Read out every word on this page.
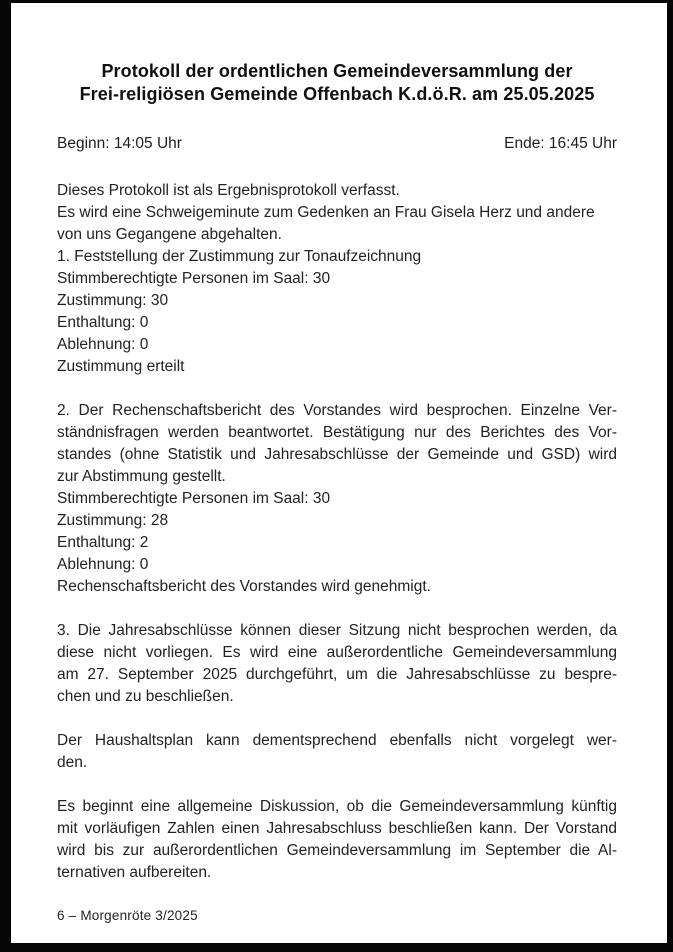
Protokoll der ordentlichen Gemeindeversammlung der
Frei-religiösen Gemeinde Offenbach K.d.ö.R. am 25.05.2025
Beginn: 14:05 Uhr	Ende: 16:45 Uhr
Dieses Protokoll ist als Ergebnisprotokoll verfasst.
Es wird eine Schweigeminute zum Gedenken an Frau Gisela Herz und andere
von uns Gegangene abgehalten.
1. Feststellung der Zustimmung zur Tonaufzeichnung
Stimmberechtigte Personen im Saal: 30
Zustimmung: 30
Enthaltung: 0
Ablehnung: 0
Zustimmung erteilt
2. Der Rechenschaftsbericht des Vorstandes wird besprochen. Einzelne Ver-
ständnisfragen werden beantwortet. Bestätigung nur des Berichtes des Vor-
standes (ohne Statistik und Jahresabschlüsse der Gemeinde und GSD) wird
zur Abstimmung gestellt.
Stimmberechtigte Personen im Saal: 30
Zustimmung: 28
Enthaltung: 2
Ablehnung: 0
Rechenschaftsbericht des Vorstandes wird genehmigt.
3. Die Jahresabschlüsse können dieser Sitzung nicht besprochen werden, da
diese nicht vorliegen. Es wird eine außerordentliche Gemeindeversammlung
am 27. September 2025 durchgeführt, um die Jahresabschlüsse zu bespre-
chen und zu beschließen.
Der Haushaltsplan kann dementsprechend ebenfalls nicht vorgelegt wer-
den.
Es beginnt eine allgemeine Diskussion, ob die Gemeindeversammlung künftig
mit vorläufigen Zahlen einen Jahresabschluss beschließen kann. Der Vorstand
wird bis zur außerordentlichen Gemeindeversammlung im September die Al-
ternativen aufbereiten.
6 – Morgenröte 3/2025
